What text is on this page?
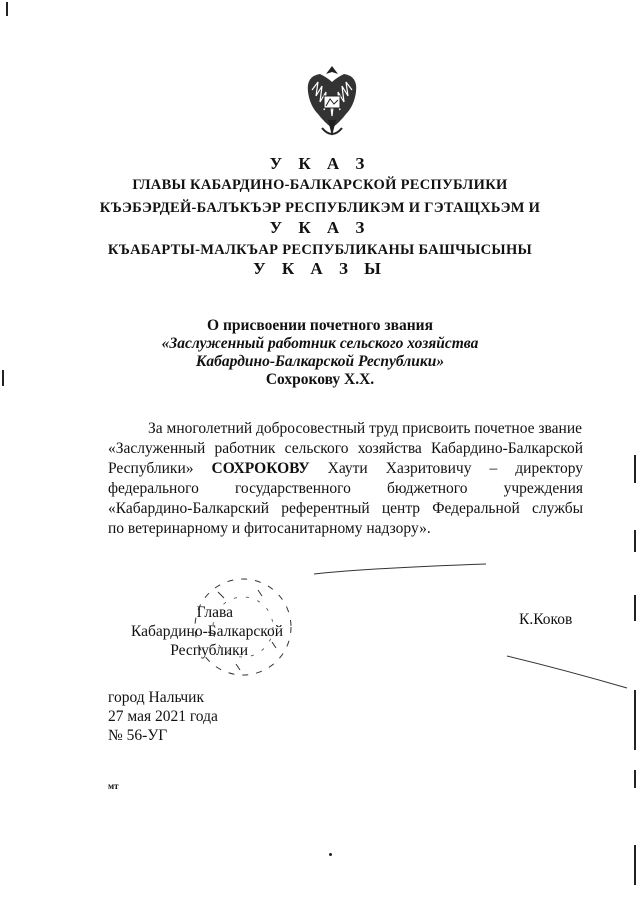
У К А З
ГЛАВЫ КАБАРДИНО-БАЛКАРСКОЙ РЕСПУБЛИКИ
КЪЭБЭРДЕЙ-БАЛЪКЪЭР РЕСПУБЛИКЭМ И ГЭТАЩХЬЭМ И
У К А З
КЪАБАРТЫ-МАЛКЪАР РЕСПУБЛИКАНЫ БАШЧЫСЫНЫ
У К А З Ы
О присвоении почетного звания
«Заслуженный работник сельского хозяйства
Кабардино-Балкарской Республики»
Сохрокову Х.Х.
За многолетний добросовестный труд присвоить почетное звание
«Заслуженный работник сельского хозяйства Кабардино-Балкарской
Республики» СОХРОКОВУ Хаути Хазритовичу – директору
федерального государственного бюджетного учреждения
«Кабардино-Балкарский референтный центр Федеральной службы
по ветеринарному и фитосанитарному надзору».
Глава
Кабардино-Балкарской
Республики
К.Коков
город Нальчик
27 мая 2021 года
№ 56-УГ
мт
